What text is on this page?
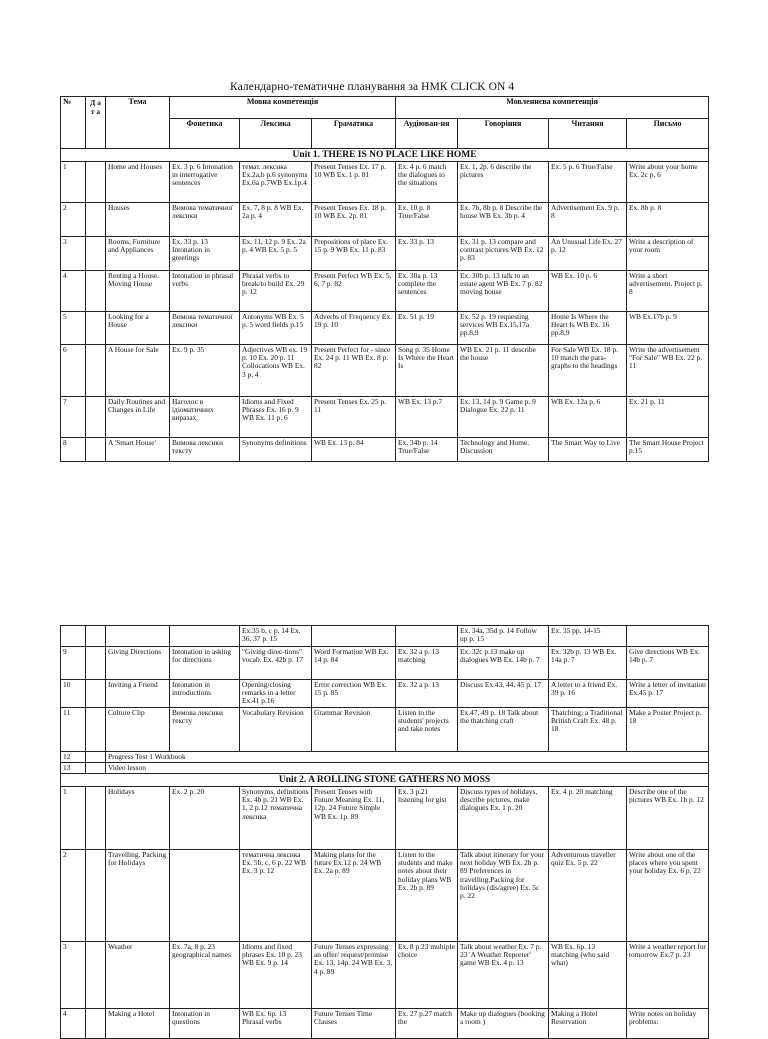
Календарно-тематичне планування за НМК CLICK ON 4
№	Д а т а	Тема	Мовна компетенція			Мовленнєва компетенція			
			Фонетика	Лексика	Граматика	Аудіюван-ня	Говоріння	Читання	Письмо
Unit 1. THERE IS NO PLACE LIKE HOME									
1		Home and Houses	Ex. 3 p. 6 Intonation in interrogative sentences	темат. лексика Ex.2a,b p.6 synonyms Ex.6a p.7WB Ex.1p.4	Present Tenses Ex. 17 p. 10 WB Ex. 1 p. 81	Ex. 4 p. 6 match the dialogues to the situations	Ex. 1, 2p. 6 describe the pictures	Ex. 5 p. 6 True/False	Write about your home Ex. 2c p. 6
2		Houses	Вимова тематичної лексики	Ex. 7, 8 p. 8 WB Ex. 2a p. 4	Present Tenses Ex. 18 p. 10 WB Ex. 2p. 81	Ex. 10 p. 8 True/False	Ex. 7b, 8b p. 8 Describe the house WB Ex. 3b p. 4	Advertisement Ex. 9 p. 8	Ex. 8b p. 8
3		Rooms, Furniture and Appliances	Ex. 33 p. 13 Intonation in greetings	Ex. 11, 12 p. 9 Ex. 2a p. 4 WB Ex. 5 p. 5	Prepositions of place Ex. 15 p. 9 WB Ex. 11 p. 83	Ex. 33 p. 13	Ex. 31 p. 13 compare and contrast pictures WB Ex. 12 p. 83	An Unusual Life Ex. 27 p. 12	Write a description of your room
4		Renting a House. Moving House	Intonation in phrasal verbs	Phrasal verbs to break/to build Ex. 29 p. 12	Present Perfect WB Ex. 5, 6, 7 p. 82	Ex. 30a p. 13 complete the sentences	Ex. 30b p. 13 talk to an estate agent WB Ex. 7 p. 82 moving house	WB Ex. 10 p. 6	Write a short advertisement. Project p. 8
5		Looking for a House	Вимова тематичної лексики	Antonyms WB Ex. 5 p. 5 word fields p.15	Adverbs of Frequency Ex. 19 p. 10	Ex. 51 p. 19	Ex. 52 p. 19 requesting services WB Ex.15,17a pp.8,9	Home Is Where the Heart Is WB Ex. 16 pp.8,9	WB Ex.17b p. 9
6		A House for Sale	Ex. 9 p. 35	Adjectives WB ex. 19 p. 10 Ex. 20 p. 11 Collocations WB Ex. 3 p. 4	Present Perfect for - since Ex. 24 p. 11 WB Ex. 8 p. 82	Song p. 35 Home Is Where the Heart Is	WB Ex. 21 p. 11 describe the house	For Sale WB Ex. 18 p. 10 match the para-graphs to the headings	Write the advertisement "For Sale" WB Ex. 22 p. 11
7		Daily Routines and Changes in Life	Наголос в ідіоматичних виразах	Idioms and Fixed Phrases Ex. 16 p. 9 WB Ex. 11 p. 6	Present Tenses Ex. 25 p. 11	WB Ex. 13 p.7	Ex. 13, 14 p. 9 Game p. 9 Dialogue Ex. 22 p. 11	WB Ex. 12a p. 6	Ex. 21 p. 11
8		A 'Smart House'	Вимова лексики тексту	Synonyms definitions	WB Ex. 13 p. 84	Ex. 34b p. 14 True/False	Technology and Home. Discussion	The Smart Way to Live	The Smart House Project p.15
				Ex.35 b, c p. 14 Ex. 36, 37 p. 15			Ex. 34a, 35d p. 14 Follow up p. 15	Ex. 35 pp. 14-15	
9		Giving Directions	Intonation in asking for directions	"Giving direc-tions" vocab. Ex. 42b p. 17	Word Formation WB Ex. 14 p. 84	Ex. 32 a p. 13 matching	Ex. 32c p.13 make up dialogues WB Ex. 14b p. 7	Ex. 32b p. 13 WB Ex. 14a p. 7	Give directions WB Ex. 14b p. 7
10		Inviting a Friend	Intonation in introductions	Opening/closing remarks in a letter Ex.41 p.16	Error correction WB Ex. 15 p. 85	Ex. 32 a p. 13	Discuss Ex.43, 44, 45 p. 17	A letter to a friend Ex. 39 p. 16	Write a letter of invitation Ex.45 p. 17
11		Culture Clip	Вимова лексики тексту	Vocabulary Revision	Grammar Revision	Listen to the students' projects and take notes	Ex.47, 49 p. 18 Talk about the thatching craft	Thatching: a Traditional British Craft Ex. 48 p. 18	Make a Poster Project p. 18
12		Progress Test 1 Workbook							
13		Video lesson							
Unit 2. A ROLLING STONE GATHERS NO MOSS									
1		Holidays	Ex. 2 p. 20	Synonyms, definitions Ex. 4b p. 21 WB Ex. 1, 2 p.12 тематична лексика	Present Tenses with Future Meaning Ex. 11, 12p. 24 Future Simple WB Ex. 1p. 89	Ex. 3 p.21 listening for gist	Discuss types of holidays, describe pictures, make dialogues Ex. 1 p. 20	Ex. 4 p. 20 matching	Describe one of the pictures WB Ex. 1b p. 12
2		Travelling. Packing for Holidays		тематична лексика Ex. 5b, c, 6 p. 22 WB Ex. 3 p. 12	Making plans for the future Ex.12 p. 24 WB Ex. 2a p. 89	Listen to the students and make notes about their holiday plans WB Ex. 2b p. 89	Talk about itinerary for your next holiday WB Ex. 2b p. 89 Preferences in travelling.Packing for holidays (dis/agree) Ex. 5c p. 22	Adventurous traveller quiz Ex. 5 p. 22	Write about one of the places where you spent your holiday Ex. 6 p. 22
3		Weather	Ex. 7a, 8 p. 23 geographical names	Idioms and fixed phrases Ex. 10 p. 23 WB Ex. 9 p. 14	Future Tenses expressing an offer/ request/promise Ex. 13, 14p. 24 WB Ex. 3, 4 p. 89	Ex. 8 p.23 multiple choice	Talk about weather Ex. 7 p. 23 'A Weather Reporter' game WB Ex. 4 p. 13	WB Ex. 6p. 13 matching (who said what)	Write a weather report for tomorrow Ex.7 p. 23
4		Making a Hotel	Intonation in questions	WB Ex. 6p. 13 Phrasal verbs	Future Tenses Time Clauses	Ex. 27 p.27 match the	Make up dialogues (booking a room )	Making a Hotel Reservation	Write notes on holiday problems:
